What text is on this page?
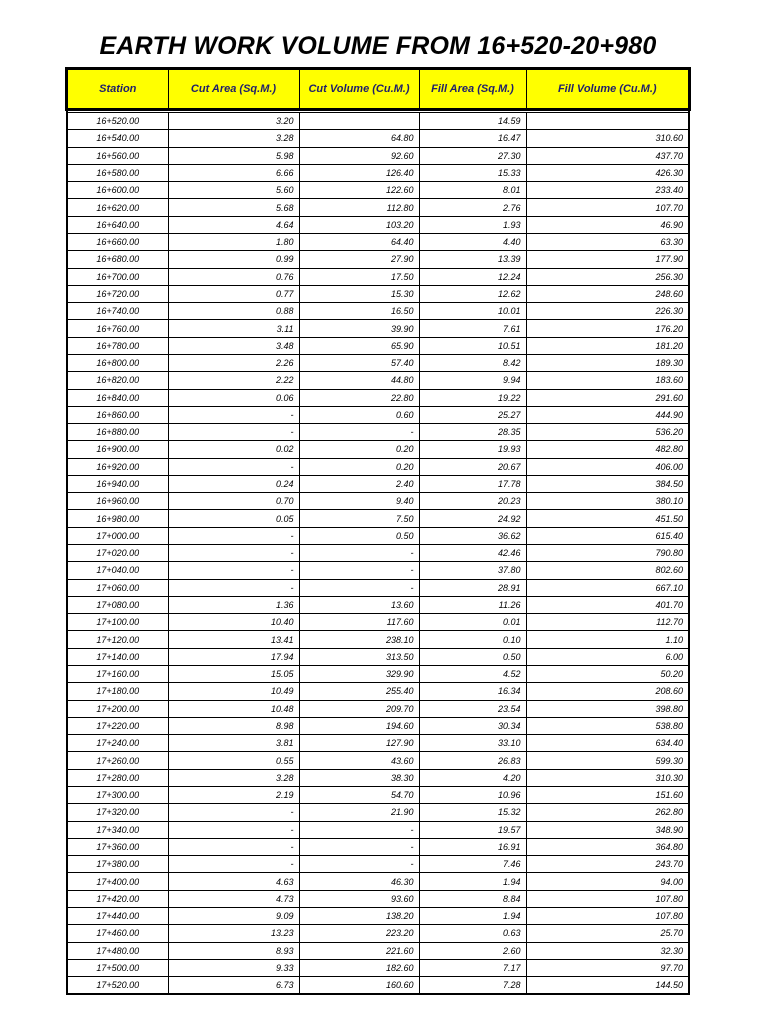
EARTH WORK VOLUME FROM 16+520-20+980
Station	Cut Area (Sq.M.)	Cut Volume (Cu.M.)	Fill Area (Sq.M.)	Fill Volume (Cu.M.)

16+520.00	3.20		14.59	
16+540.00	3.28	64.80	16.47	310.60
16+560.00	5.98	92.60	27.30	437.70
16+580.00	6.66	126.40	15.33	426.30
16+600.00	5.60	122.60	8.01	233.40
16+620.00	5.68	112.80	2.76	107.70
16+640.00	4.64	103.20	1.93	46.90
16+660.00	1.80	64.40	4.40	63.30
16+680.00	0.99	27.90	13.39	177.90
16+700.00	0.76	17.50	12.24	256.30
16+720.00	0.77	15.30	12.62	248.60
16+740.00	0.88	16.50	10.01	226.30
16+760.00	3.11	39.90	7.61	176.20
16+780.00	3.48	65.90	10.51	181.20
16+800.00	2.26	57.40	8.42	189.30
16+820.00	2.22	44.80	9.94	183.60
16+840.00	0.06	22.80	19.22	291.60
16+860.00	-	0.60	25.27	444.90
16+880.00	-	-	28.35	536.20
16+900.00	0.02	0.20	19.93	482.80
16+920.00	-	0.20	20.67	406.00
16+940.00	0.24	2.40	17.78	384.50
16+960.00	0.70	9.40	20.23	380.10
16+980.00	0.05	7.50	24.92	451.50
17+000.00	-	0.50	36.62	615.40
17+020.00	-	-	42.46	790.80
17+040.00	-	-	37.80	802.60
17+060.00	-	-	28.91	667.10
17+080.00	1.36	13.60	11.26	401.70
17+100.00	10.40	117.60	0.01	112.70
17+120.00	13.41	238.10	0.10	1.10
17+140.00	17.94	313.50	0.50	6.00
17+160.00	15.05	329.90	4.52	50.20
17+180.00	10.49	255.40	16.34	208.60
17+200.00	10.48	209.70	23.54	398.80
17+220.00	8.98	194.60	30.34	538.80
17+240.00	3.81	127.90	33.10	634.40
17+260.00	0.55	43.60	26.83	599.30
17+280.00	3.28	38.30	4.20	310.30
17+300.00	2.19	54.70	10.96	151.60
17+320.00	-	21.90	15.32	262.80
17+340.00	-	-	19.57	348.90
17+360.00	-	-	16.91	364.80
17+380.00	-	-	7.46	243.70
17+400.00	4.63	46.30	1.94	94.00
17+420.00	4.73	93.60	8.84	107.80
17+440.00	9.09	138.20	1.94	107.80
17+460.00	13.23	223.20	0.63	25.70
17+480.00	8.93	221.60	2.60	32.30
17+500.00	9.33	182.60	7.17	97.70
17+520.00	6.73	160.60	7.28	144.50
